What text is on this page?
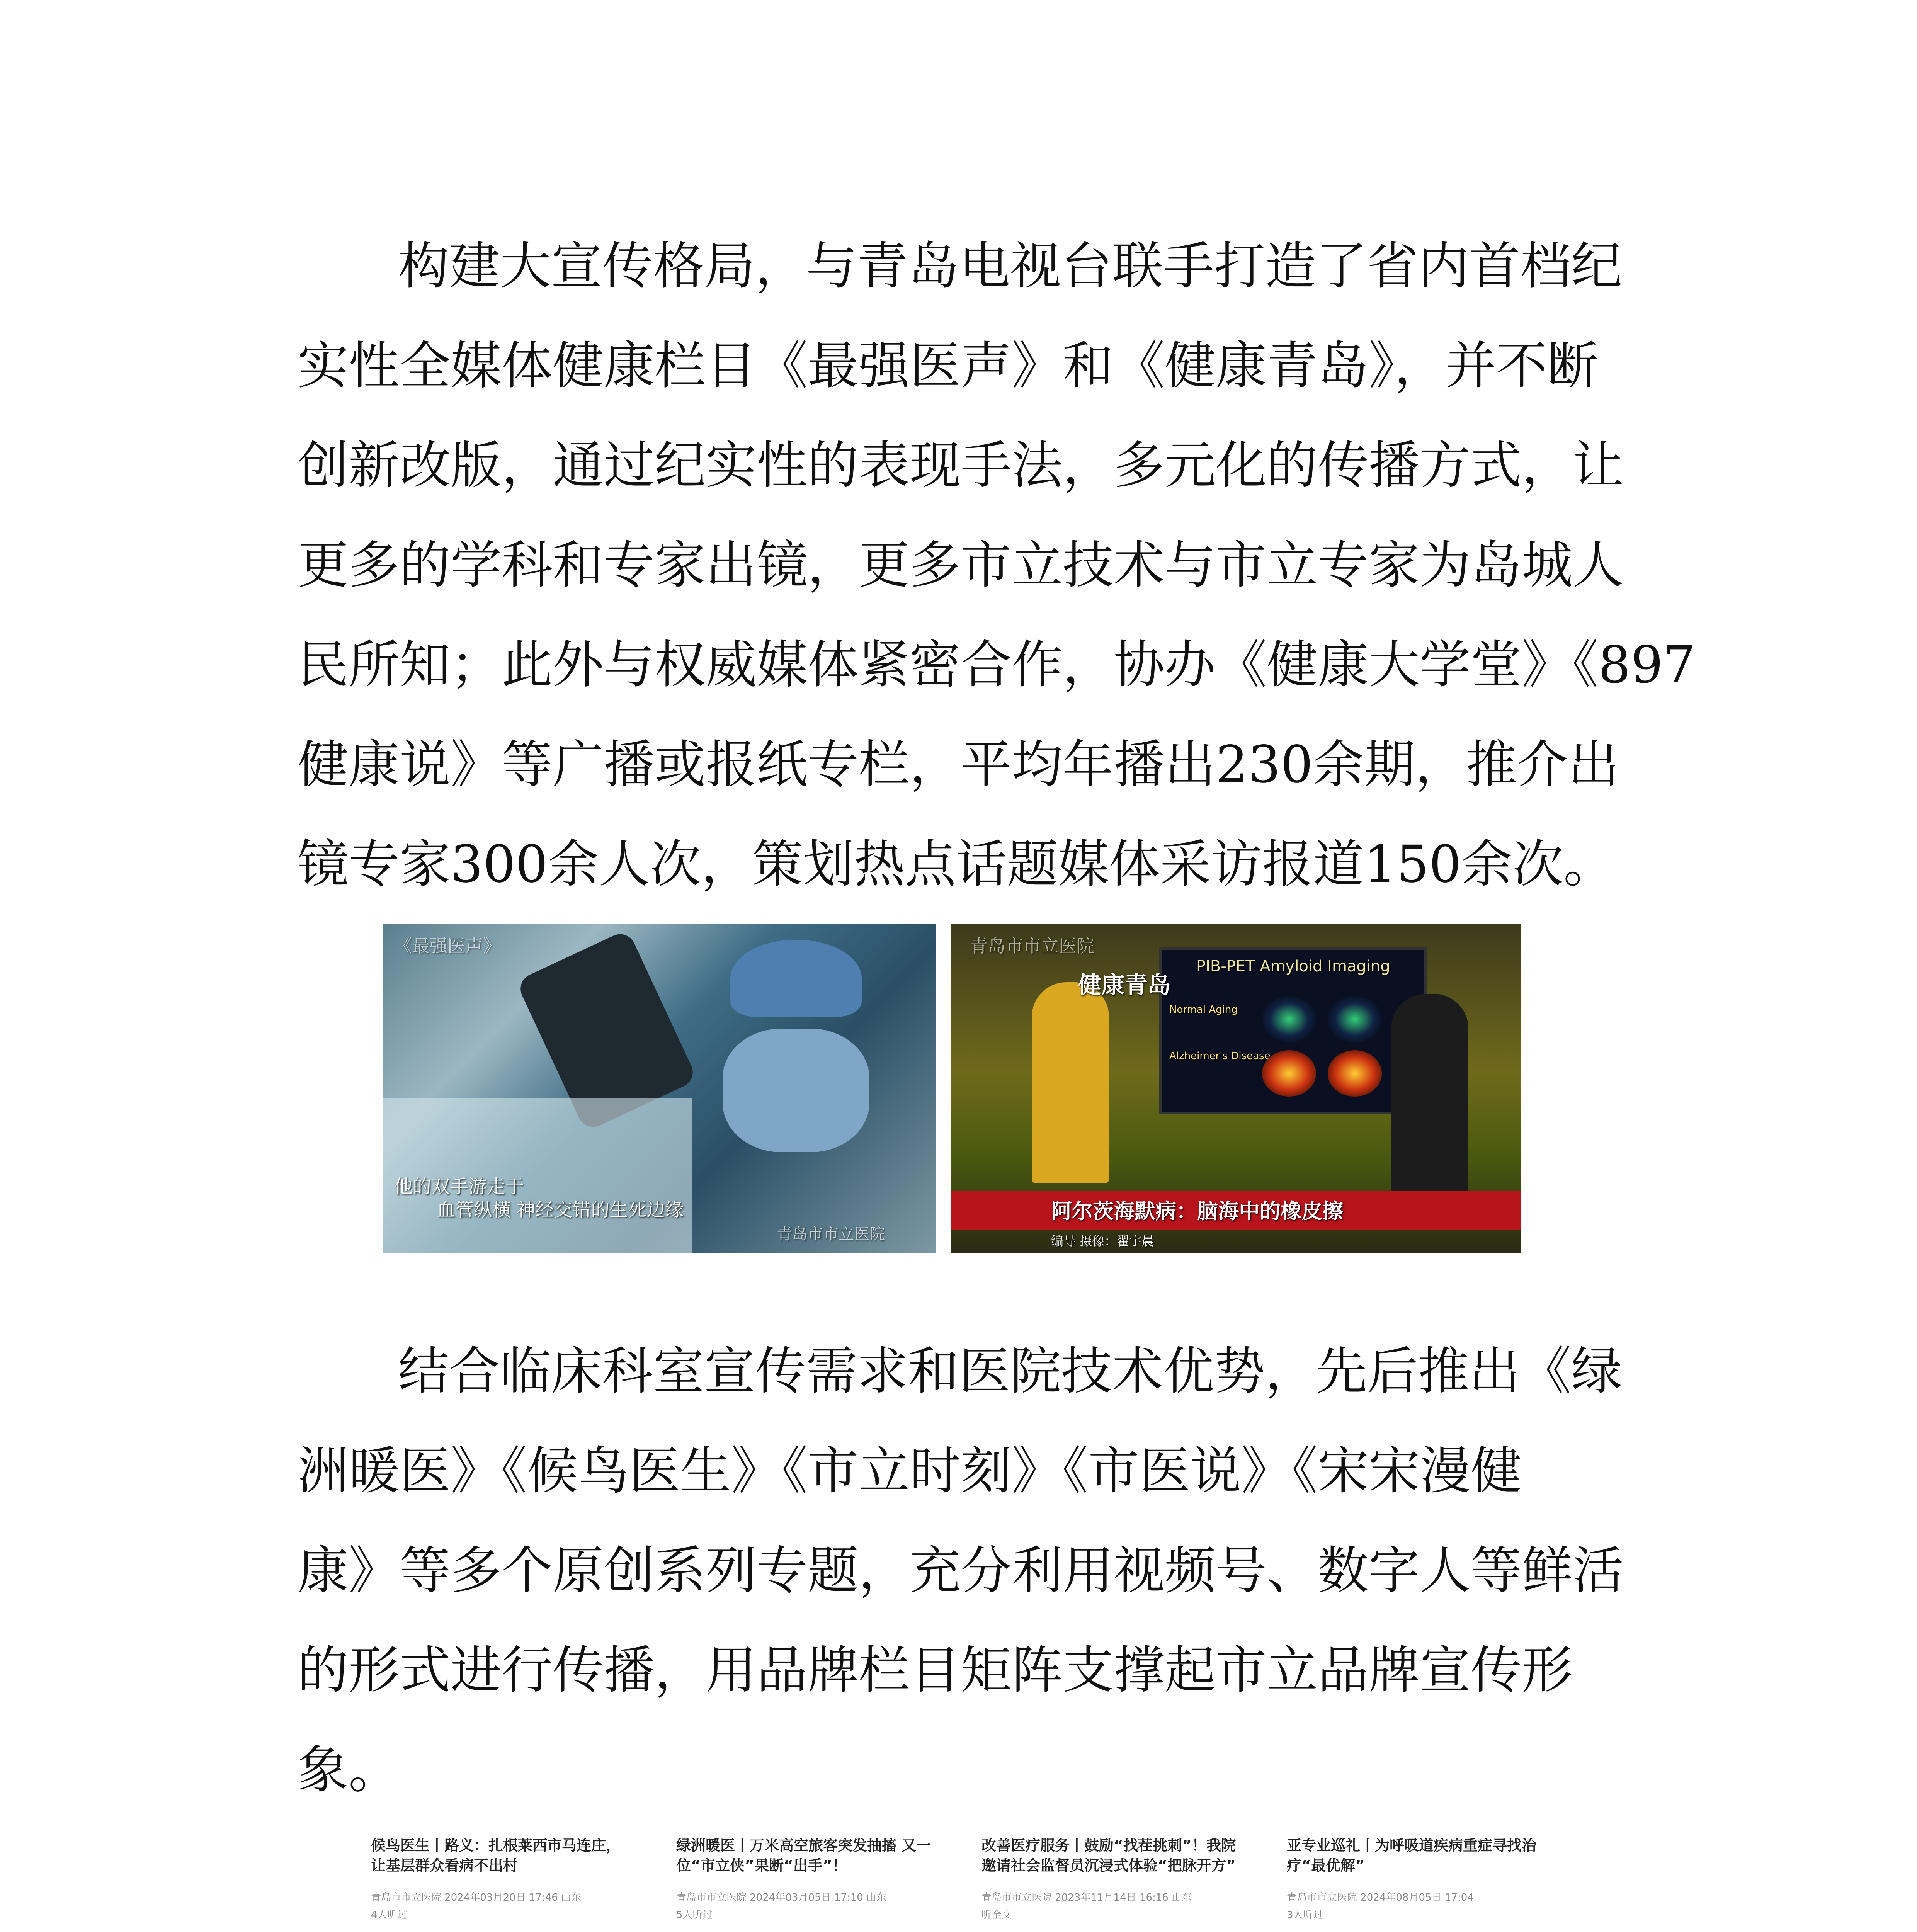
构建大宣传格局，与青岛电视台联手打造了省内首档纪
实性全媒体健康栏目《最强医声》和《健康青岛》，并不断
创新改版，通过纪实性的表现手法，多元化的传播方式，让
更多的学科和专家出镜，更多市立技术与市立专家为岛城人
民所知；此外与权威媒体紧密合作，协办《健康大学堂》《897
健康说》等广播或报纸专栏，平均年播出230余期，推介出
镜专家300余人次，策划热点话题媒体采访报道150余次。
《最强医声》
他的双手游走于
血管纵横 神经交错的生死边缘
青岛市市立医院
青岛市市立医院
PIB-PET Amyloid Imaging
Normal Aging
Alzheimer's Disease
健康青岛
阿尔茨海默病：脑海中的橡皮擦
编导 摄像：翟宇晨
结合临床科室宣传需求和医院技术优势，先后推出《绿
洲暖医》《候鸟医生》《市立时刻》《市医说》《宋宋漫健
康》等多个原创系列专题，充分利用视频号、数字人等鲜活
的形式进行传播，用品牌栏目矩阵支撑起市立品牌宣传形
象。
候鸟医生丨路义：扎根莱西市马连庄，让基层群众看病不出村
青岛市市立医院 2024年03月20日 17:46 山东
4人听过
绿洲暖医丨万米高空旅客突发抽搐 又一位“市立侠”果断“出手”！
青岛市市立医院 2024年03月05日 17:10 山东
5人听过
改善医疗服务丨鼓励“找茬挑刺”！我院邀请社会监督员沉浸式体验“把脉开方”
青岛市市立医院 2023年11月14日 16:16 山东
听全文
亚专业巡礼丨为呼吸道疾病重症寻找治疗“最优解”
青岛市市立医院 2024年08月05日 17:04
3人听过
